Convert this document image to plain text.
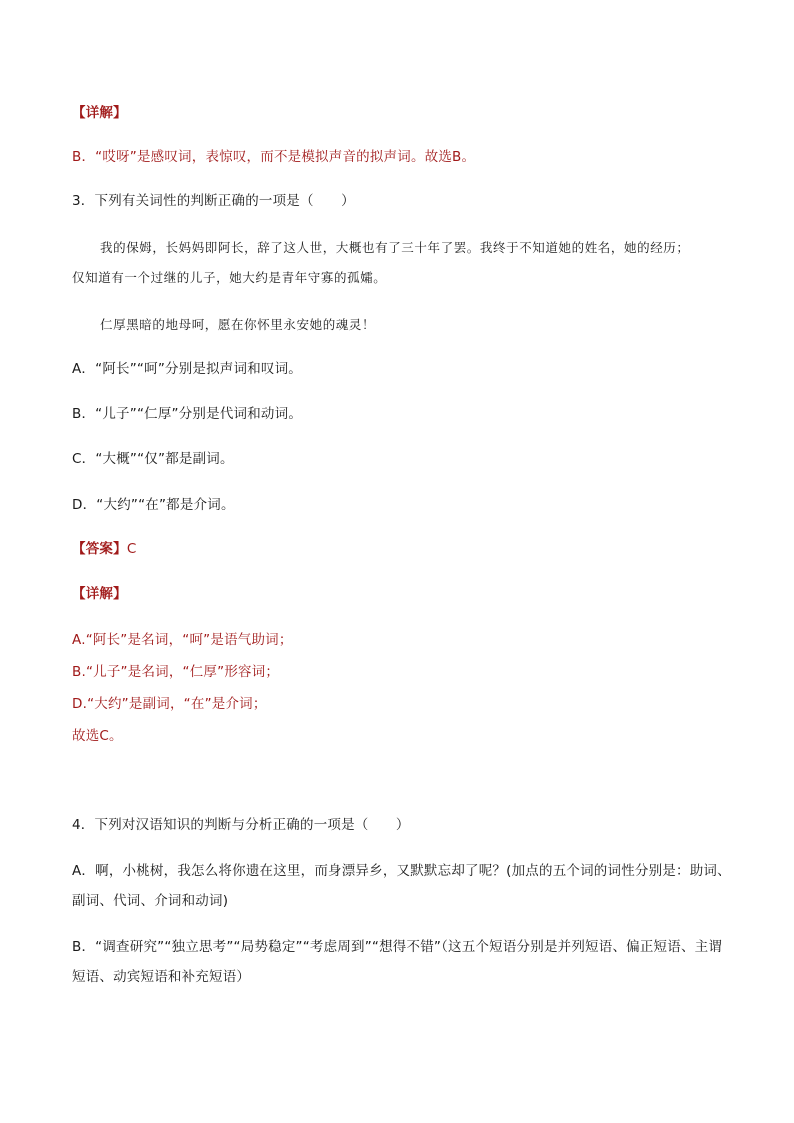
【详解】
B．“哎呀”是感叹词，表惊叹，而不是模拟声音的拟声词。故选B。
3．下列有关词性的判断正确的一项是（　　）
我的保姆，长妈妈即阿长，辞了这人世，大概也有了三十年了罢。我终于不知道她的姓名，她的经历；
仅知道有一个过继的儿子，她大约是青年守寡的孤孀。
仁厚黑暗的地母呵，愿在你怀里永安她的魂灵！
A．“阿长”“呵”分别是拟声词和叹词。
B．“儿子”“仁厚”分别是代词和动词。
C．“大概”“仅”都是副词。
D．“大约”“在”都是介词。
【答案】C
【详解】
A.“阿长”是名词，“呵”是语气助词；
B.“儿子”是名词，“仁厚”形容词；
D.“大约”是副词，“在”是介词；
故选C。
4．下列对汉语知识的判断与分析正确的一项是（　　）
A．啊，小桃树，我怎么将你遗在这里，而身漂异乡，又默默忘却了呢？(加点的五个词的词性分别是：助词、副词、代词、介词和动词)
B．“调查研究”“独立思考”“局势稳定”“考虑周到”“想得不错”（这五个短语分别是并列短语、偏正短语、主谓短语、动宾短语和补充短语）
